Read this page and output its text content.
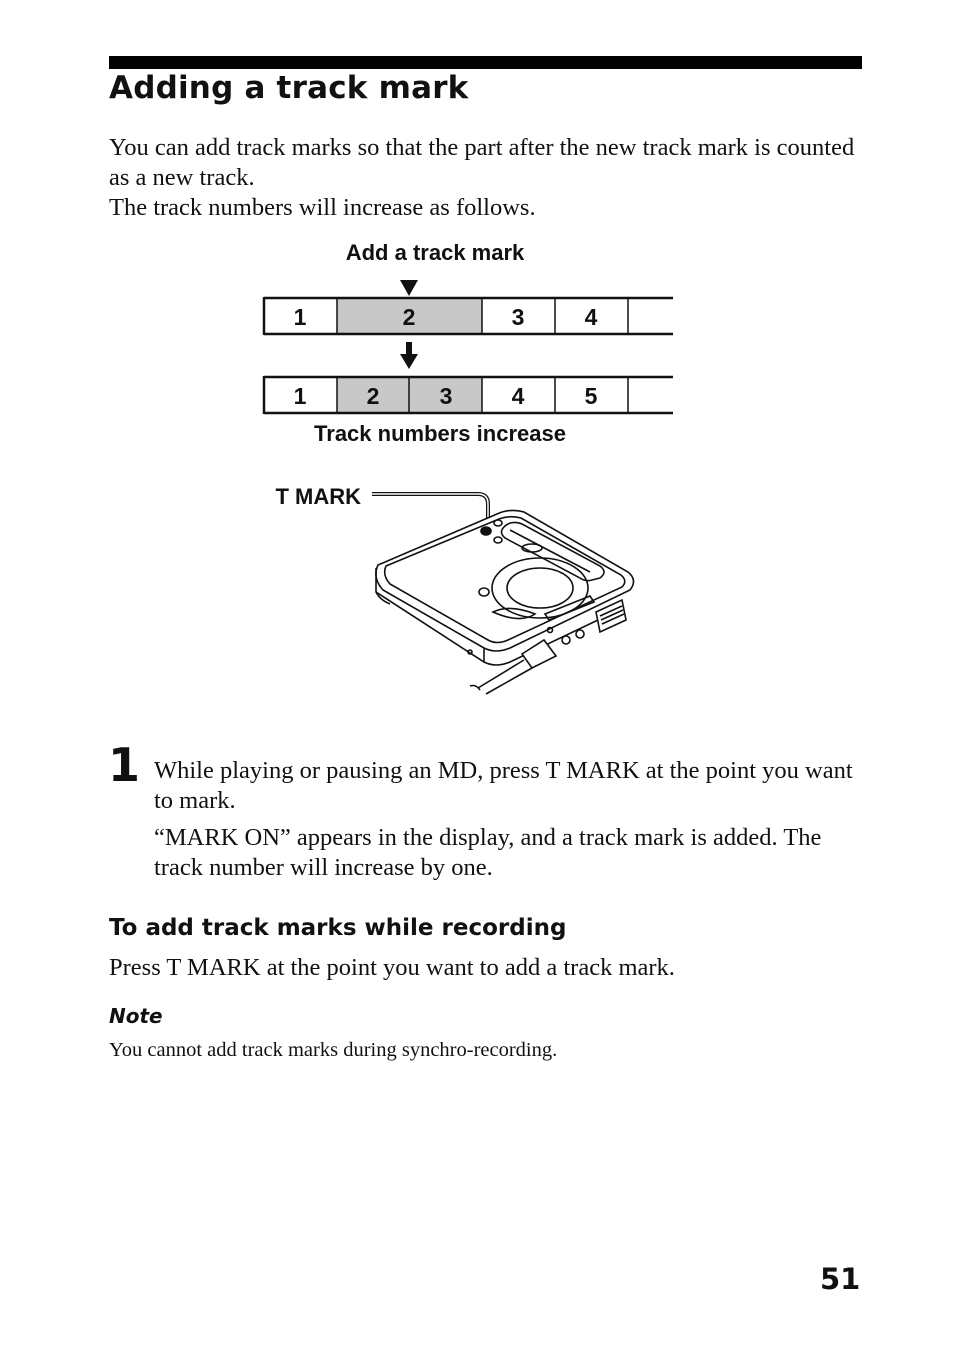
Adding a track mark

You can add track marks so that the part after the new track mark is counted as a new track.

The track numbers will increase as follows.

Add a track mark
1	2	3	4
1	2	3	4	5
Track numbers increase
T MARK
1 While playing or pausing an MD, press T MARK at the point you want to mark.

“MARK ON” appears in the display, and a track mark is added. The track number will increase by one.

To add track marks while recording

Press T MARK at the point you want to add a track mark.

Note

You cannot add track marks during synchro-recording.

51
